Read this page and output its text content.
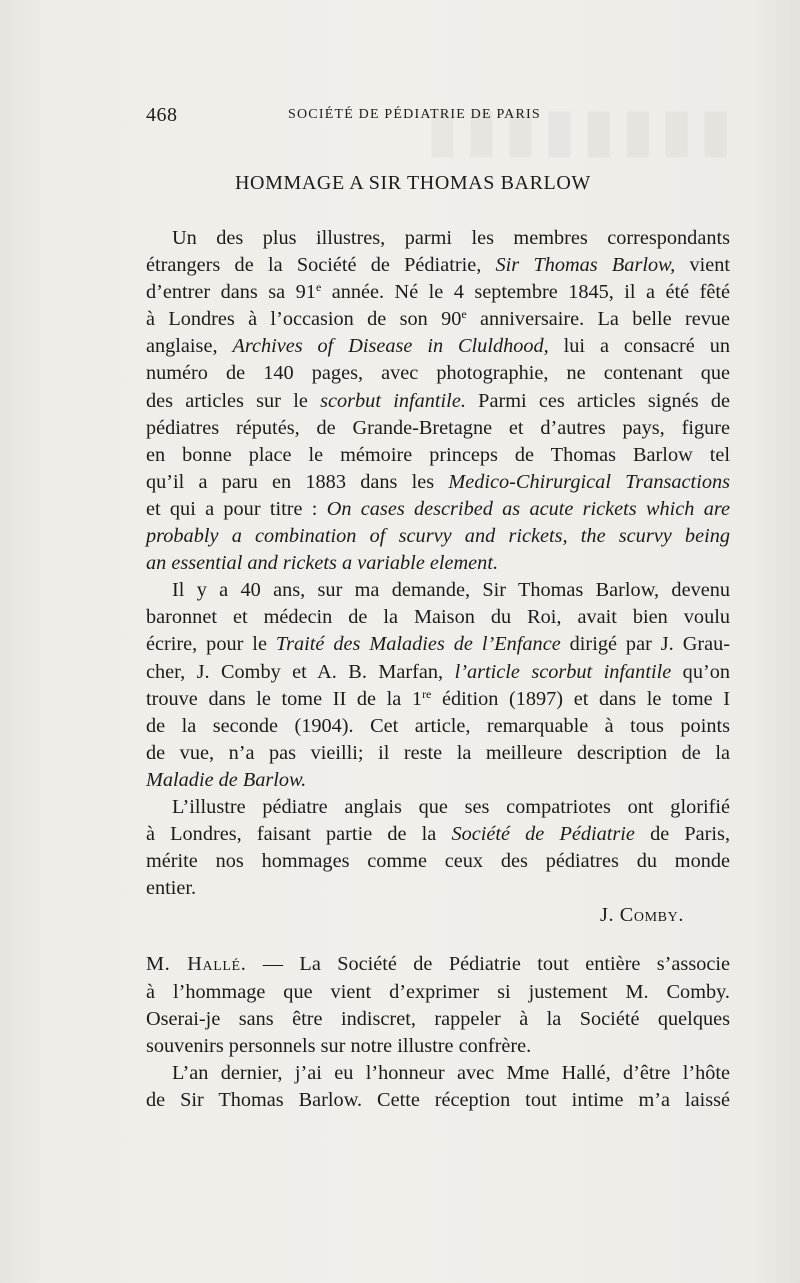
468	SOCIÉTÉ DE PÉDIATRIE DE PARIS
HOMMAGE A SIR THOMAS BARLOW
Un des plus illustres, parmi les membres correspondants
étrangers de la Société de Pédiatrie, Sir Thomas Barlow, vient
d’entrer dans sa 91e année. Né le 4 septembre 1845, il a été fêté
à Londres à l’occasion de son 90e anniversaire. La belle revue
anglaise, Archives of Disease in Cluldhood, lui a consacré un
numéro de 140 pages, avec photographie, ne contenant que
des articles sur le scorbut infantile. Parmi ces articles signés de
pédiatres réputés, de Grande-Bretagne et d’autres pays, figure
en bonne place le mémoire princeps de Thomas Barlow tel
qu’il a paru en 1883 dans les Medico-Chirurgical Transactions
et qui a pour titre : On cases described as acute rickets which are
probably a combination of scurvy and rickets, the scurvy being
an essential and rickets a variable element.
Il y a 40 ans, sur ma demande, Sir Thomas Barlow, devenu
baronnet et médecin de la Maison du Roi, avait bien voulu
écrire, pour le Traité des Maladies de l’Enfance dirigé par J. Grau-
cher, J. Comby et A. B. Marfan, l’article scorbut infantile qu’on
trouve dans le tome II de la 1re édition (1897) et dans le tome I
de la seconde (1904). Cet article, remarquable à tous points
de vue, n’a pas vieilli; il reste la meilleure description de la
Maladie de Barlow.
L’illustre pédiatre anglais que ses compatriotes ont glorifié
à Londres, faisant partie de la Société de Pédiatrie de Paris,
mérite nos hommages comme ceux des pédiatres du monde
entier.
J. Comby.
M. Hallé. — La Société de Pédiatrie tout entière s’associe
à l’hommage que vient d’exprimer si justement M. Comby.
Oserai-je sans être indiscret, rappeler à la Société quelques
souvenirs personnels sur notre illustre confrère.
L’an dernier, j’ai eu l’honneur avec Mme Hallé, d’être l’hôte
de Sir Thomas Barlow. Cette réception tout intime m’a laissé
